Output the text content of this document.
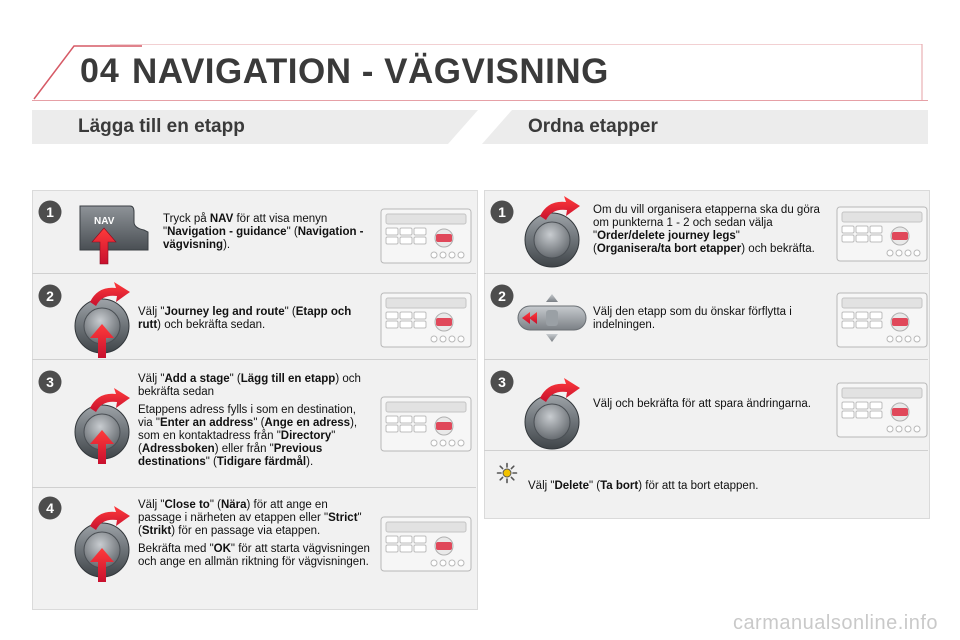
04 NAVIGATION - VÄGVISNING
Lägga till en etapp	Ordna etapper
1
2
3
4
NAV	Tryck på NAV för att visa menyn "Navigation - guidance" (Navigation - vägvisning).

Välj "Journey leg and route" (Etapp och rutt) och bekräfta sedan.

Välj "Add a stage" (Lägg till en etapp) och bekräfta sedan

Etappens adress fylls i som en destination, via "Enter an address" (Ange en adress), som en kontaktadress från "Directory" (Adressboken) eller från "Previous destinations" (Tidigare färdmål).

Välj "Close to" (Nära) för att ange en passage i närheten av etappen eller "Strict" (Strikt) för en passage via etappen.

Bekräfta med "OK" för att starta vägvisningen och ange en allmän riktning för vägvisningen.

1
2
3

Om du vill organisera etapperna ska du göra om punkterna 1 - 2 och sedan välja "Order/delete journey legs" (Organisera/ta bort etapper) och bekräfta.

Välj den etapp som du önskar förflytta i indelningen.

Välj och bekräfta för att spara ändringarna.

Välj "Delete" (Ta bort) för att ta bort etappen.
carmanualsonline.info
